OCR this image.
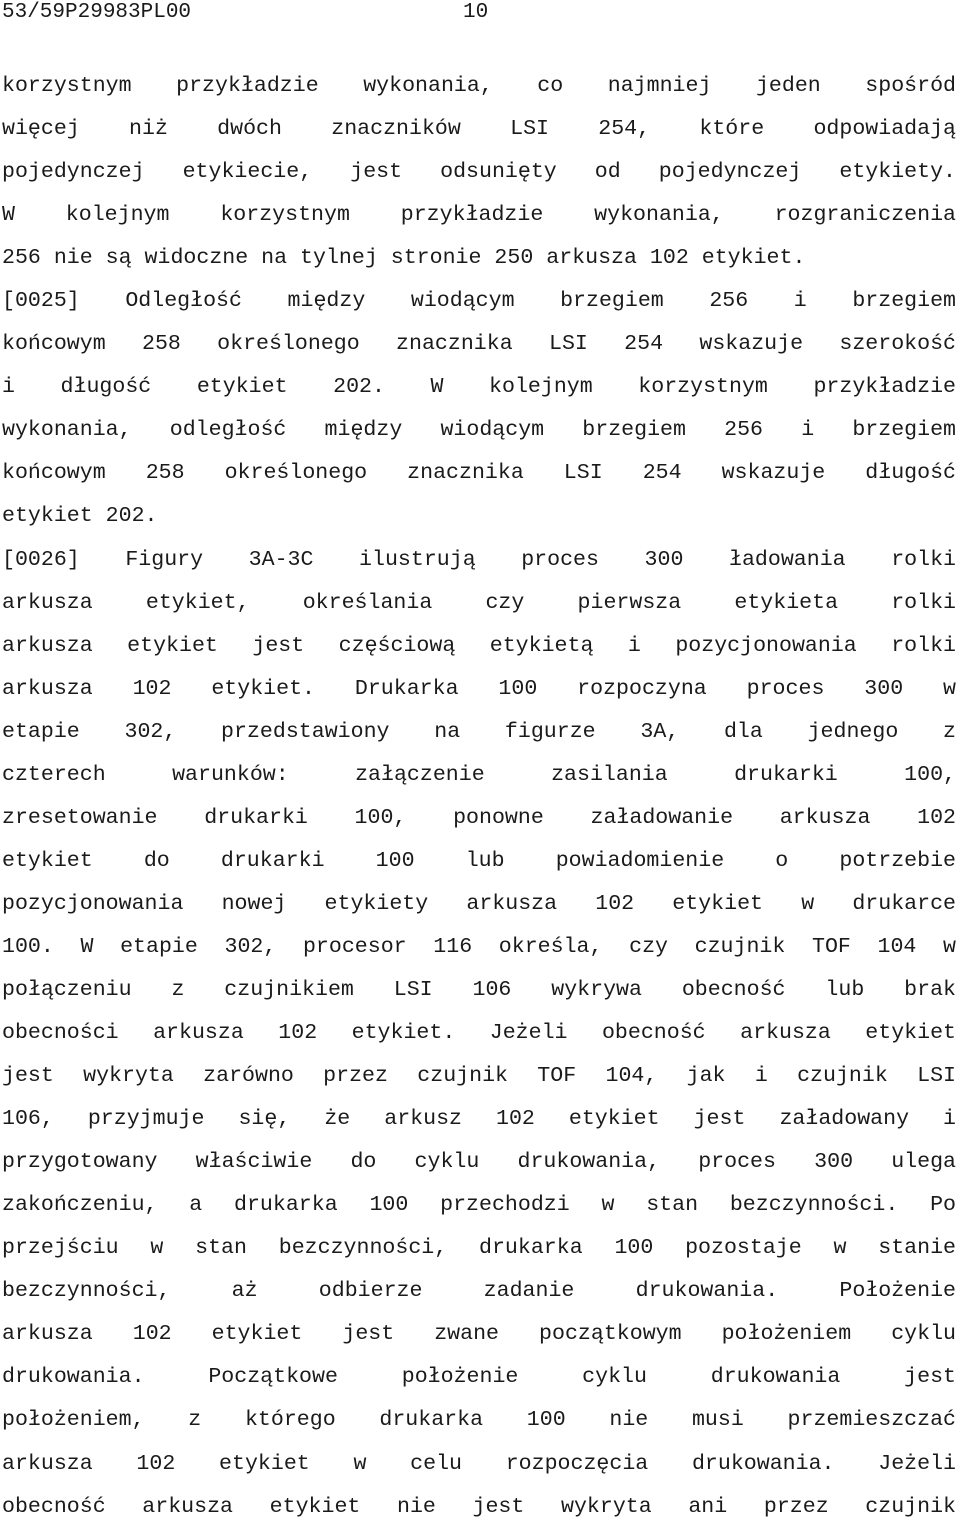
53/59P29983PL00	10
korzystnym przykładzie wykonania, co najmniej jeden spośród
więcej niż dwóch znaczników LSI 254, które odpowiadają
pojedynczej etykiecie, jest odsunięty od pojedynczej etykiety.
W kolejnym korzystnym przykładzie wykonania, rozgraniczenia
256 nie są widoczne na tylnej stronie 250 arkusza 102 etykiet.
[0025] Odległość między wiodącym brzegiem 256 i brzegiem
końcowym 258 określonego znacznika LSI 254 wskazuje szerokość
i długość etykiet 202. W kolejnym korzystnym przykładzie
wykonania, odległość między wiodącym brzegiem 256 i brzegiem
końcowym 258 określonego znacznika LSI 254 wskazuje długość
etykiet 202.
[0026] Figury 3A-3C ilustrują proces 300 ładowania rolki
arkusza etykiet, określania czy pierwsza etykieta rolki
arkusza etykiet jest częściową etykietą i pozycjonowania rolki
arkusza 102 etykiet. Drukarka 100 rozpoczyna proces 300 w
etapie 302, przedstawiony na figurze 3A, dla jednego z
czterech warunków: załączenie zasilania drukarki 100,
zresetowanie drukarki 100, ponowne załadowanie arkusza 102
etykiet do drukarki 100 lub powiadomienie o potrzebie
pozycjonowania nowej etykiety arkusza 102 etykiet w drukarce
100. W etapie 302, procesor 116 określa, czy czujnik TOF 104 w
połączeniu z czujnikiem LSI 106 wykrywa obecność lub brak
obecności arkusza 102 etykiet. Jeżeli obecność arkusza etykiet
jest wykryta zarówno przez czujnik TOF 104, jak i czujnik LSI
106, przyjmuje się, że arkusz 102 etykiet jest załadowany i
przygotowany właściwie do cyklu drukowania, proces 300 ulega
zakończeniu, a drukarka 100 przechodzi w stan bezczynności. Po
przejściu w stan bezczynności, drukarka 100 pozostaje w stanie
bezczynności, aż odbierze zadanie drukowania. Położenie
arkusza 102 etykiet jest zwane początkowym położeniem cyklu
drukowania. Początkowe położenie cyklu drukowania jest
położeniem, z którego drukarka 100 nie musi przemieszczać
arkusza 102 etykiet w celu rozpoczęcia drukowania. Jeżeli
obecność arkusza etykiet nie jest wykryta ani przez czujnik
